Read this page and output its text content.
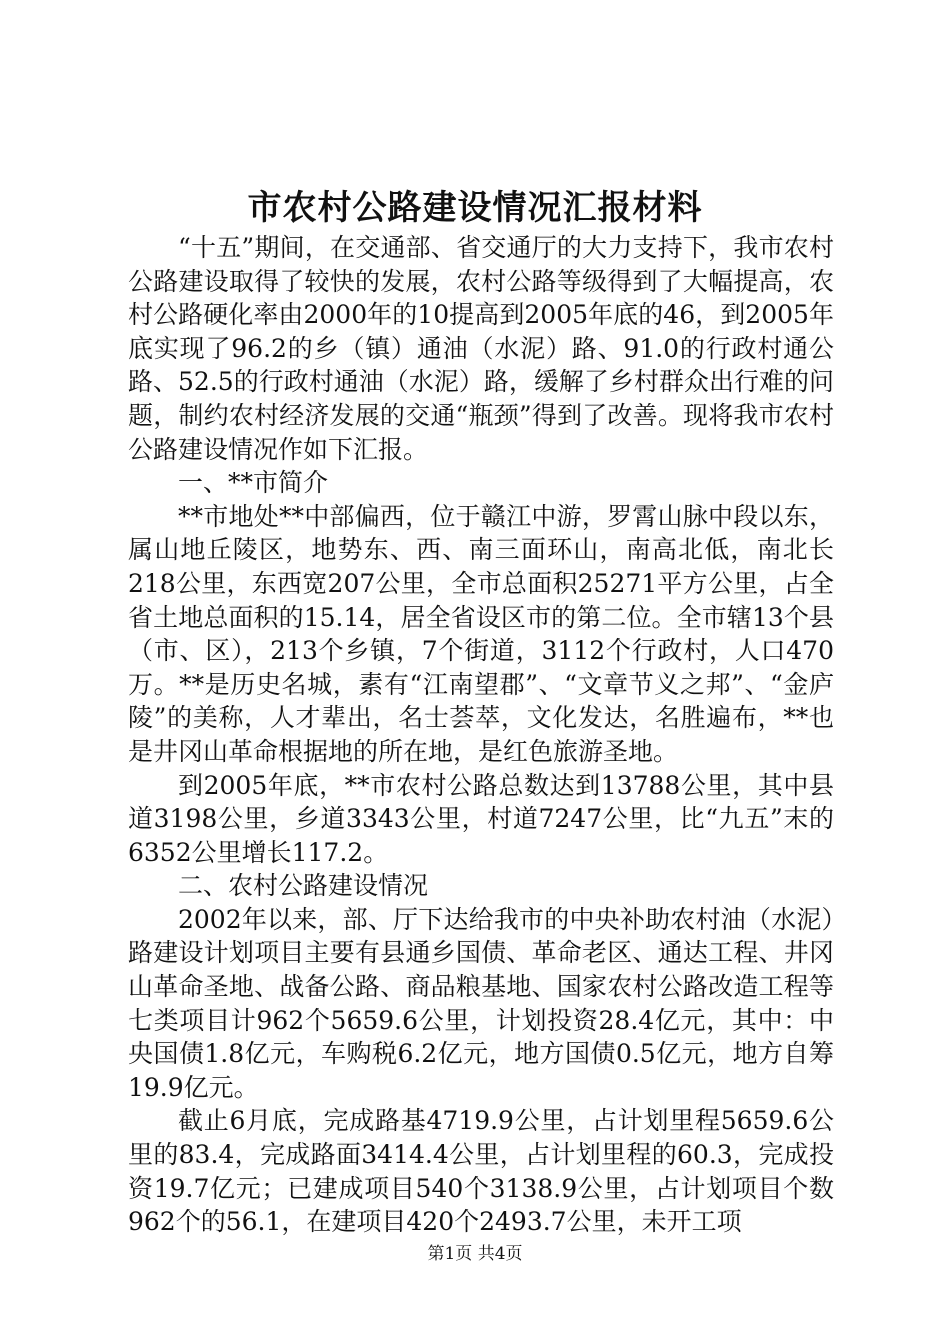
市农村公路建设情况汇报材料

“十五”期间，在交通部、省交通厅的大力支持下，我市农村公路建设取得了较快的发展，农村公路等级得到了大幅提高，农村公路硬化率由2000年的10提高到2005年底的46，到2005年底实现了96.2的乡（镇）通油（水泥）路、91.0的行政村通公路、52.5的行政村通油（水泥）路，缓解了乡村群众出行难的问题，制约农村经济发展的交通“瓶颈”得到了改善。现将我市农村公路建设情况作如下汇报。

一、**市简介

**市地处**中部偏西，位于赣江中游，罗霄山脉中段以东，属山地丘陵区，地势东、西、南三面环山，南高北低，南北长218公里，东西宽207公里，全市总面积25271平方公里，占全省土地总面积的15.14，居全省设区市的第二位。全市辖13个县（市、区），213个乡镇，7个街道，3112个行政村，人口470万。**是历史名城，素有“江南望郡”、“文章节义之邦”、“金庐陵”的美称，人才辈出，名士荟萃，文化发达，名胜遍布，**也是井冈山革命根据地的所在地，是红色旅游圣地。

到2005年底，**市农村公路总数达到13788公里，其中县道3198公里，乡道3343公里，村道7247公里，比“九五”末的6352公里增长117.2。

二、农村公路建设情况

2002年以来，部、厅下达给我市的中央补助农村油（水泥）路建设计划项目主要有县通乡国债、革命老区、通达工程、井冈山革命圣地、战备公路、商品粮基地、国家农村公路改造工程等七类项目计962个5659.6公里，计划投资28.4亿元，其中：中央国债1.8亿元，车购税6.2亿元，地方国债0.5亿元，地方自筹19.9亿元。

截止6月底，完成路基4719.9公里，占计划里程5659.6公里的83.4，完成路面3414.4公里，占计划里程的60.3，完成投资19.7亿元；已建成项目540个3138.9公里，占计划项目个数962个的56.1，在建项目420个2493.7公里，未开工项

第1页 共4页
